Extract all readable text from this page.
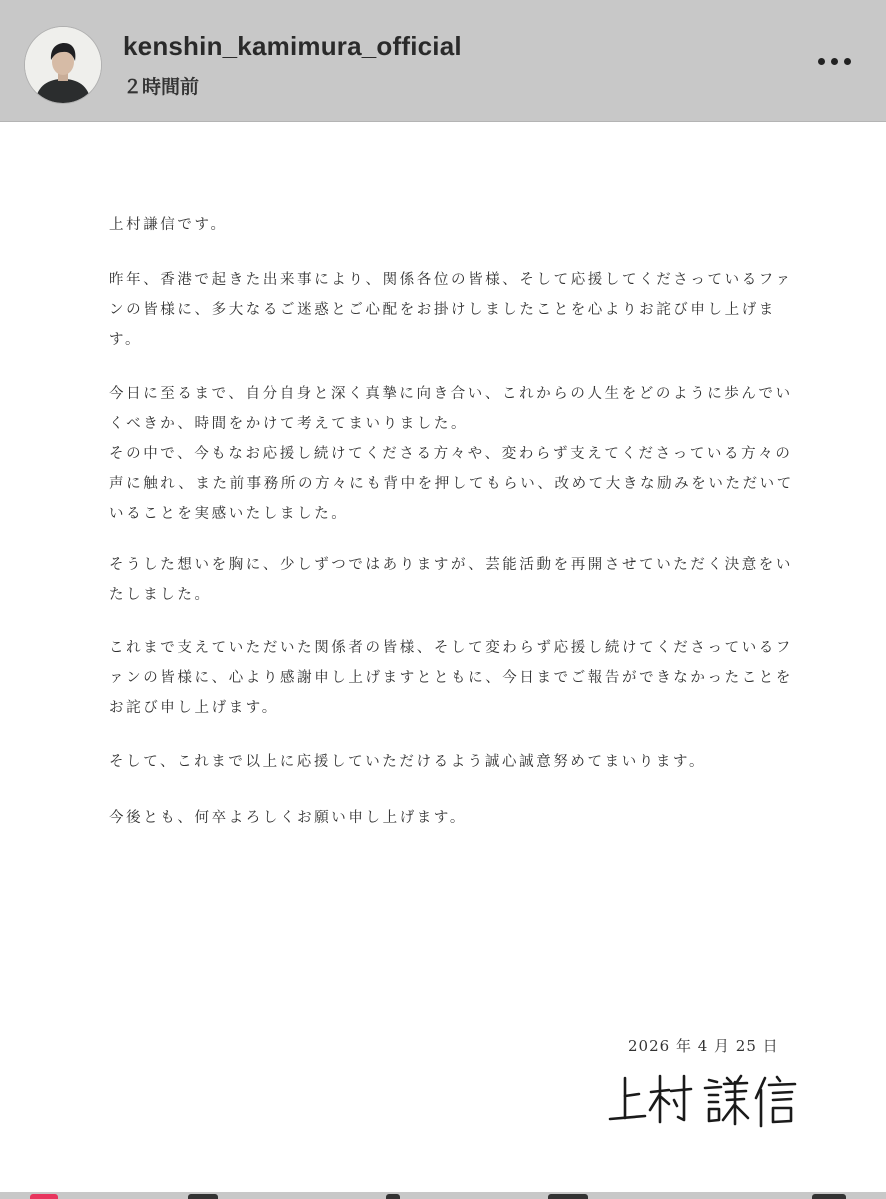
kenshin_kamimura_official
２時間前
上村謙信です。
昨年、香港で起きた出来事により、関係各位の皆様、そして応援してくださっているファ
ンの皆様に、多大なるご迷惑とご心配をお掛けしましたことを心よりお詫び申し上げま
す。
今日に至るまで、自分自身と深く真摯に向き合い、これからの人生をどのように歩んでい
くべきか、時間をかけて考えてまいりました。
その中で、今もなお応援し続けてくださる方々や、変わらず支えてくださっている方々の
声に触れ、また前事務所の方々にも背中を押してもらい、改めて大きな励みをいただいて
いることを実感いたしました。
そうした想いを胸に、少しずつではありますが、芸能活動を再開させていただく決意をい
たしました。
これまで支えていただいた関係者の皆様、そして変わらず応援し続けてくださっているフ
ァンの皆様に、心より感謝申し上げますとともに、今日までご報告ができなかったことを
お詫び申し上げます。
そして、これまで以上に応援していただけるよう誠心誠意努めてまいります。
今後とも、何卒よろしくお願い申し上げます。
2026 年 4 月 25 日
